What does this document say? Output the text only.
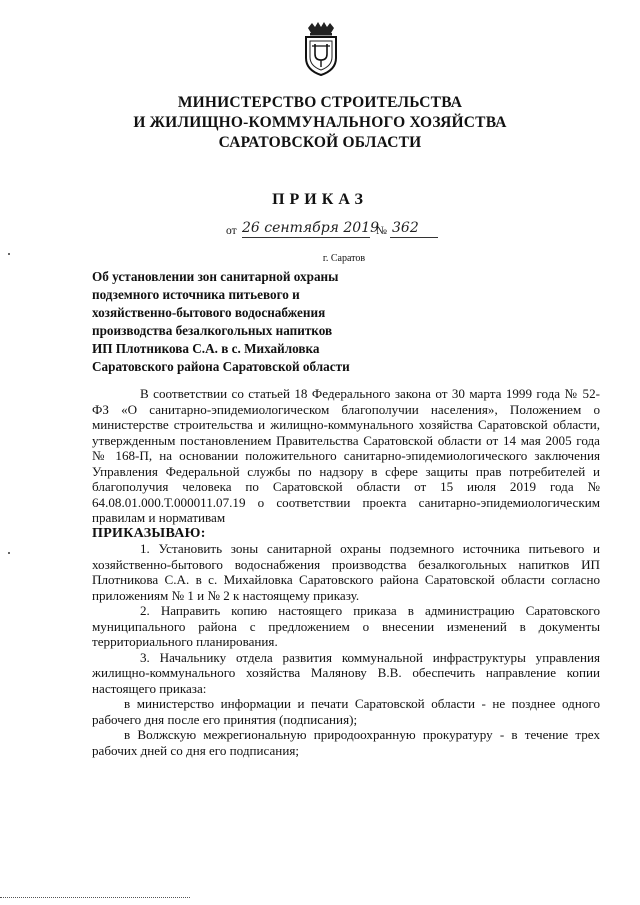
МИНИСТЕРСТВО СТРОИТЕЛЬСТВА
И ЖИЛИЩНО-КОММУНАЛЬНОГО ХОЗЯЙСТВА
САРАТОВСКОЙ ОБЛАСТИ
ПРИКАЗ
от 26 сентября 2019
№ 362
г. Саратов
Об установлении зон санитарной охраны
подземного источника питьевого и
хозяйственно-бытового водоснабжения
производства безалкогольных напитков
ИП Плотникова С.А. в с. Михайловка
Саратовского района Саратовской области

В соответствии со статьей 18 Федерального закона от 30 марта 1999 года № 52-ФЗ «О санитарно-эпидемиологическом благополучии населения», Положением о министерстве строительства и жилищно-коммунального хозяйства Саратовской области, утвержденным постановлением Правительства Саратовской области от 14 мая 2005 года № 168-П, на основании положительного санитарно-эпидемиологического заключения Управления Федеральной службы по надзору в сфере защиты прав потребителей и благополучия человека по Саратовской области от 15 июля 2019 года № 64.08.01.000.Т.000011.07.19 о соответствии проекта санитарно-эпидемиологическим правилам и нормативам

ПРИКАЗЫВАЮ:

1. Установить зоны санитарной охраны подземного источника питьевого и хозяйственно-бытового водоснабжения производства безалкогольных напитков ИП Плотникова С.А. в с. Михайловка Саратовского района Саратовской области согласно приложениям № 1 и № 2 к настоящему приказу.

2. Направить копию настоящего приказа в администрацию Саратовского муниципального района с предложением о внесении изменений в документы территориального планирования.

3. Начальнику отдела развития коммунальной инфраструктуры управления жилищно-коммунального хозяйства Малянову В.В. обеспечить направление копии настоящего приказа:

в министерство информации и печати Саратовской области - не позднее одного рабочего дня после его принятия (подписания);

в Волжскую межрегиональную природоохранную прокуратуру - в течение трех рабочих дней со дня его подписания;
